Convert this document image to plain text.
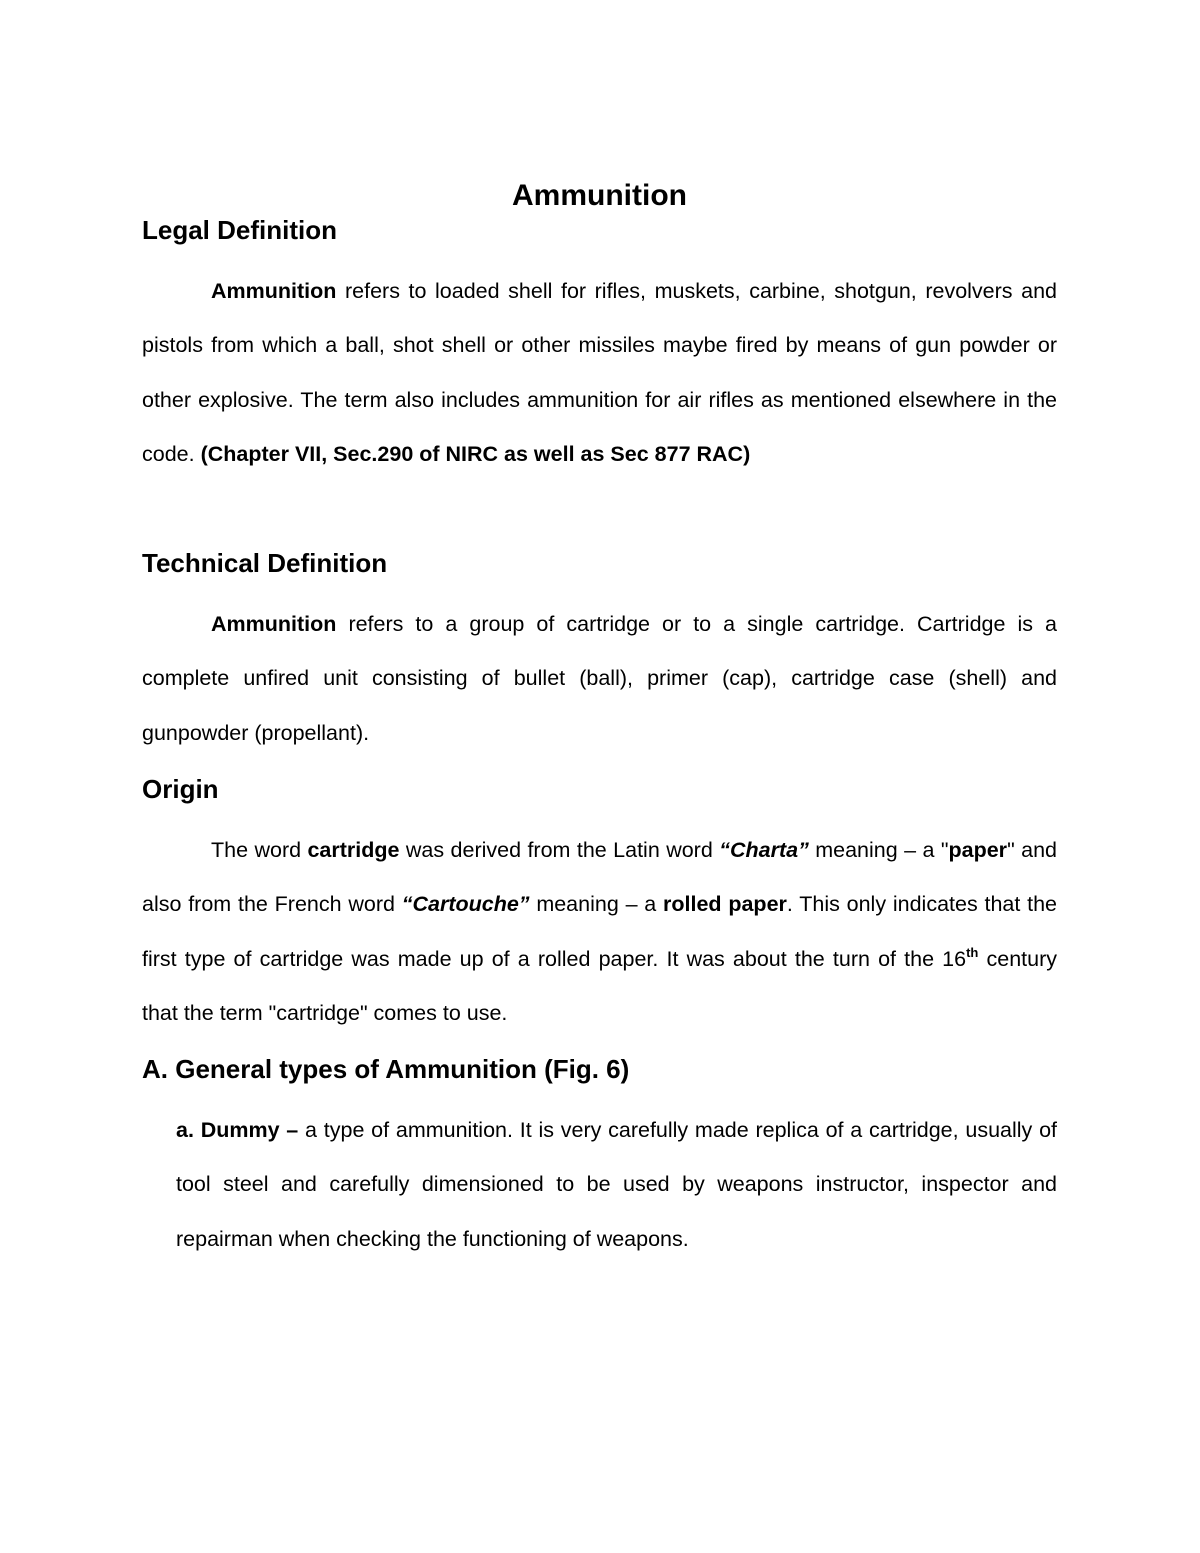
Ammunition
Legal Definition

Ammunition refers to loaded shell for rifles, muskets, carbine, shotgun, revolvers and pistols from which a ball, shot shell or other missiles maybe fired by means of gun powder or other explosive. The term also includes ammunition for air rifles as mentioned elsewhere in the code. (Chapter VII, Sec.290 of NIRC as well as Sec 877 RAC)

Technical Definition

Ammunition refers to a group of cartridge or to a single cartridge. Cartridge is a complete unfired unit consisting of bullet (ball), primer (cap), cartridge case (shell) and gunpowder (propellant).

Origin

The word cartridge was derived from the Latin word “Charta” meaning – a "paper" and also from the French word “Cartouche” meaning – a rolled paper. This only indicates that the first type of cartridge was made up of a rolled paper. It was about the turn of the 16th century that the term "cartridge" comes to use.

A. General types of Ammunition (Fig. 6)

a. Dummy – a type of ammunition. It is very carefully made replica of a cartridge, usually of tool steel and carefully dimensioned to be used by weapons instructor, inspector and repairman when checking the functioning of weapons.
